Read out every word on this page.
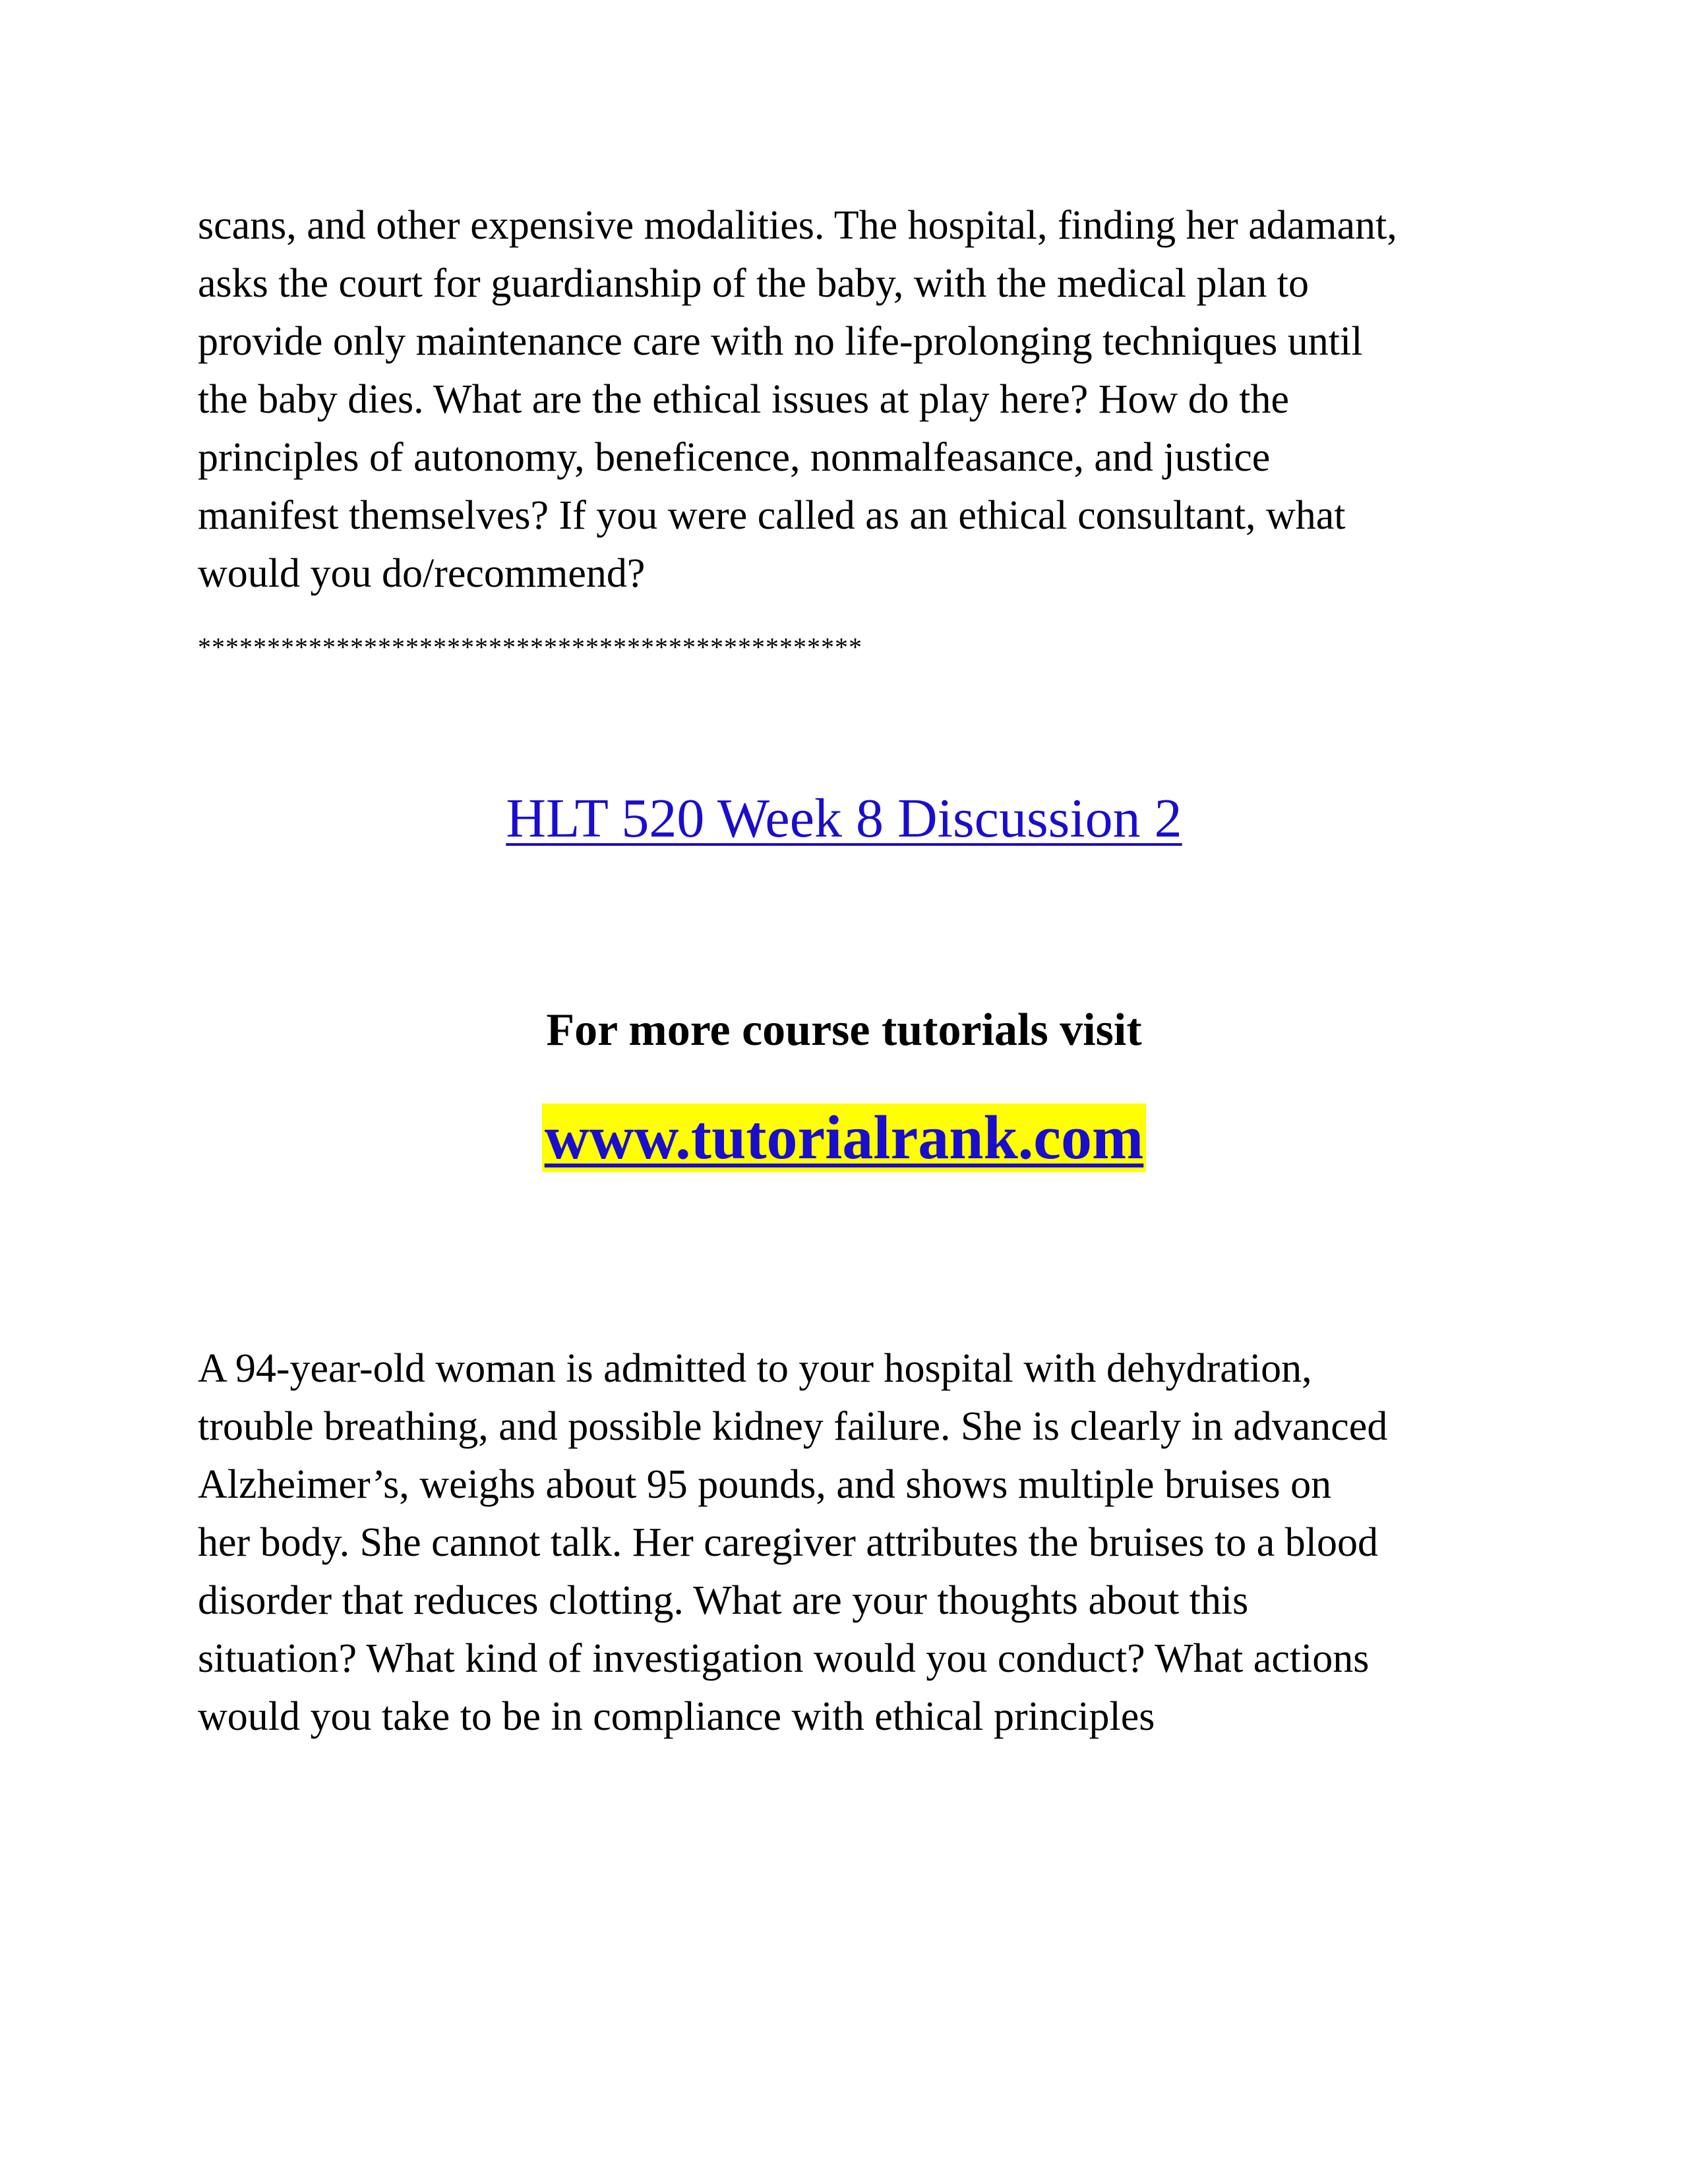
scans, and other expensive modalities. The hospital, finding her adamant,
asks the court for guardianship of the baby, with the medical plan to
provide only maintenance care with no life-prolonging techniques until
the baby dies. What are the ethical issues at play here? How do the
principles of autonomy, beneficence, nonmalfeasance, and justice
manifest themselves? If you were called as an ethical consultant, what
would you do/recommend?

************************************************
HLT 520 Week 8 Discussion 2
For more course tutorials visit
www.tutorialrank.com

A 94-year-old woman is admitted to your hospital with dehydration,
trouble breathing, and possible kidney failure. She is clearly in advanced
Alzheimer’s, weighs about 95 pounds, and shows multiple bruises on
her body. She cannot talk. Her caregiver attributes the bruises to a blood
disorder that reduces clotting. What are your thoughts about this
situation? What kind of investigation would you conduct? What actions
would you take to be in compliance with ethical principles
